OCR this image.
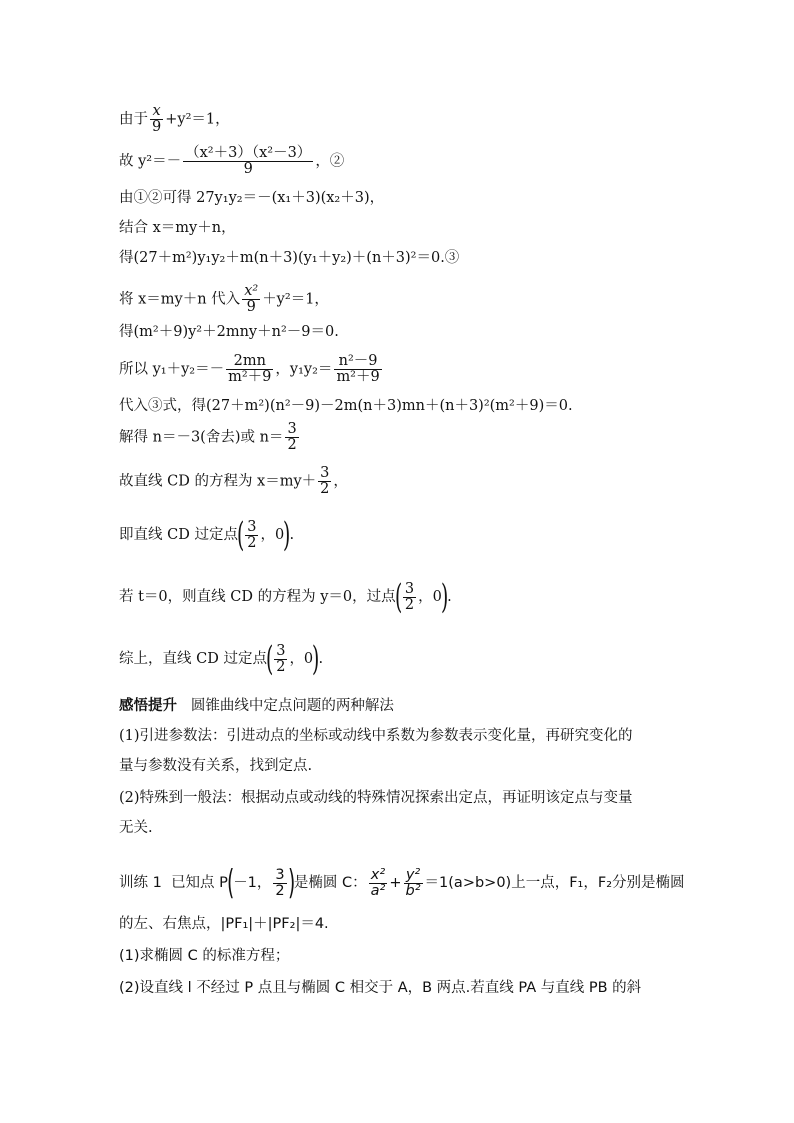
由于 $\frac{x}{9} +y^2=1$，
故 $y^2=- \frac{\text{（x²＋3）（x²－3）}}{9}$ ，②
由①②可得 27y₁y₂＝－(x₁＋3)(x₂＋3)，
结合 x＝my＋n，
得(27＋m²)y₁y₂＋m(n＋3)(y₁＋y₂)＋(n＋3)²＝0.③
将 x＝my＋n 代入 $\frac{\text{x²}}{9} +y^2=1$，
得(m²＋9)y²＋2mny＋n²－9＝0.
所以 $y_1+y_2=- \frac{2mn}{\text{m²＋9}}$ ，$y_1y_2= \frac{\text{n²－9}}{\text{m²＋9}}$
代入③式，得(27＋m²)(n²－9)－2m(n＋3)mn＋(n＋3)²(m²＋9)＝0.
解得 n＝－3(舍去)或 $n= \frac{3}{2}$
故直线 CD 的方程为 $x=my+ \frac{3}{2}$ ，
即直线 CD 过定点( $\frac{3}{2}$ ，0).
若 t＝0，则直线 CD 的方程为 y＝0，过点( $\frac{3}{2}$ ，0).
综上，直线 CD 过定点( $\frac{3}{2}$ ，0).
感悟提升 圆锥曲线中定点问题的两种解法
(1)引进参数法：引进动点的坐标或动线中系数为参数表示变化量，再研究变化的
量与参数没有关系，找到定点.
(2)特殊到一般法：根据动点或动线的特殊情况探索出定点，再证明该定点与变量
无关.
训练 1 已知点 P(－1， $\frac{3}{2}$ )是椭圆 C： $\frac{\text{x²}}{\text{a²}} + \frac{\text{y²}}{\text{b²}} =1(a>b>0)$上一点，F₁，F₂分别是椭圆
的左、右焦点，|PF₁|＋|PF₂|＝4.
(1)求椭圆 C 的标准方程；
(2)设直线 l 不经过 P 点且与椭圆 C 相交于 A，B 两点.若直线 PA 与直线 PB 的斜
